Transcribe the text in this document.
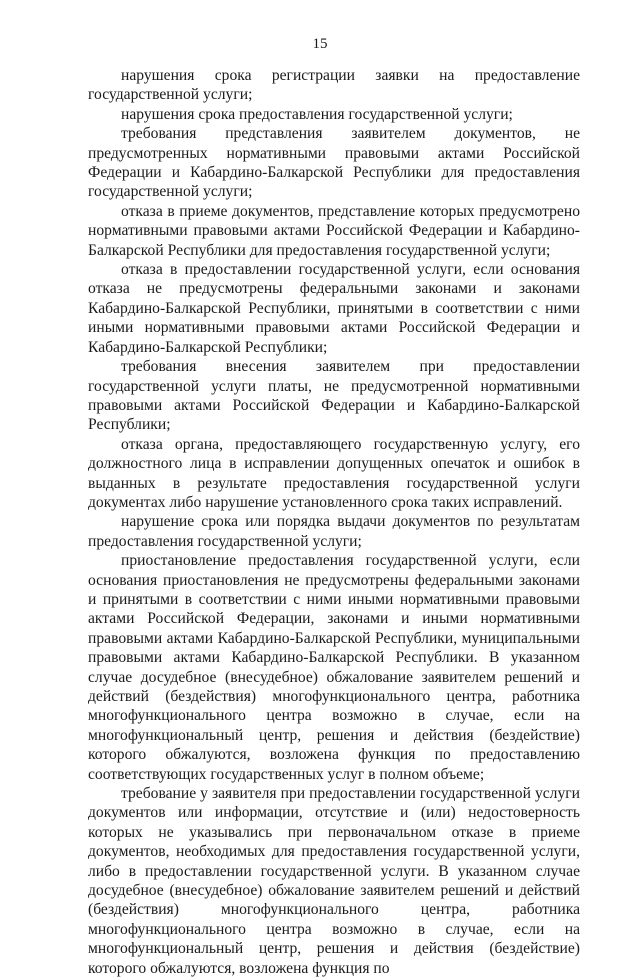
15

нарушения срока регистрации заявки на предоставление государственной услуги;

нарушения срока предоставления государственной услуги;

требования представления заявителем документов, не предусмотренных нормативными правовыми актами Российской Федерации и Кабардино-Балкарской Республики для предоставления государственной услуги;

отказа в приеме документов, представление которых предусмотрено нормативными правовыми актами Российской Федерации и Кабардино-Балкарской Республики для предоставления государственной услуги;

отказа в предоставлении государственной услуги, если основания отказа не предусмотрены федеральными законами и законами Кабардино-Балкарской Республики, принятыми в соответствии с ними иными нормативными правовыми актами Российской Федерации и Кабардино-Балкарской Республики;

требования внесения заявителем при предоставлении государственной услуги платы, не предусмотренной нормативными правовыми актами Российской Федерации и Кабардино-Балкарской Республики;

отказа органа, предоставляющего государственную услугу, его должностного лица в исправлении допущенных опечаток и ошибок в выданных в результате предоставления государственной услуги документах либо нарушение установленного срока таких исправлений.

нарушение срока или порядка выдачи документов по результатам предоставления государственной услуги;

приостановление предоставления государственной услуги, если основания приостановления не предусмотрены федеральными законами и принятыми в соответствии с ними иными нормативными правовыми актами Российской Федерации, законами и иными нормативными правовыми актами Кабардино-Балкарской Республики, муниципальными правовыми актами Кабардино-Балкарской Республики. В указанном случае досудебное (внесудебное) обжалование заявителем решений и действий (бездействия) многофункционального центра, работника многофункционального центра возможно в случае, если на многофункциональный центр, решения и действия (бездействие) которого обжалуются, возложена функция по предоставлению соответствующих государственных услуг в полном объеме;

требование у заявителя при предоставлении государственной услуги документов или информации, отсутствие и (или) недостоверность которых не указывались при первоначальном отказе в приеме документов, необходимых для предоставления государственной услуги, либо в предоставлении государственной услуги. В указанном случае досудебное (внесудебное) обжалование заявителем решений и действий (бездействия) многофункционального центра, работника многофункционального центра возможно в случае, если на многофункциональный центр, решения и действия (бездействие) которого обжалуются, возложена функция по
